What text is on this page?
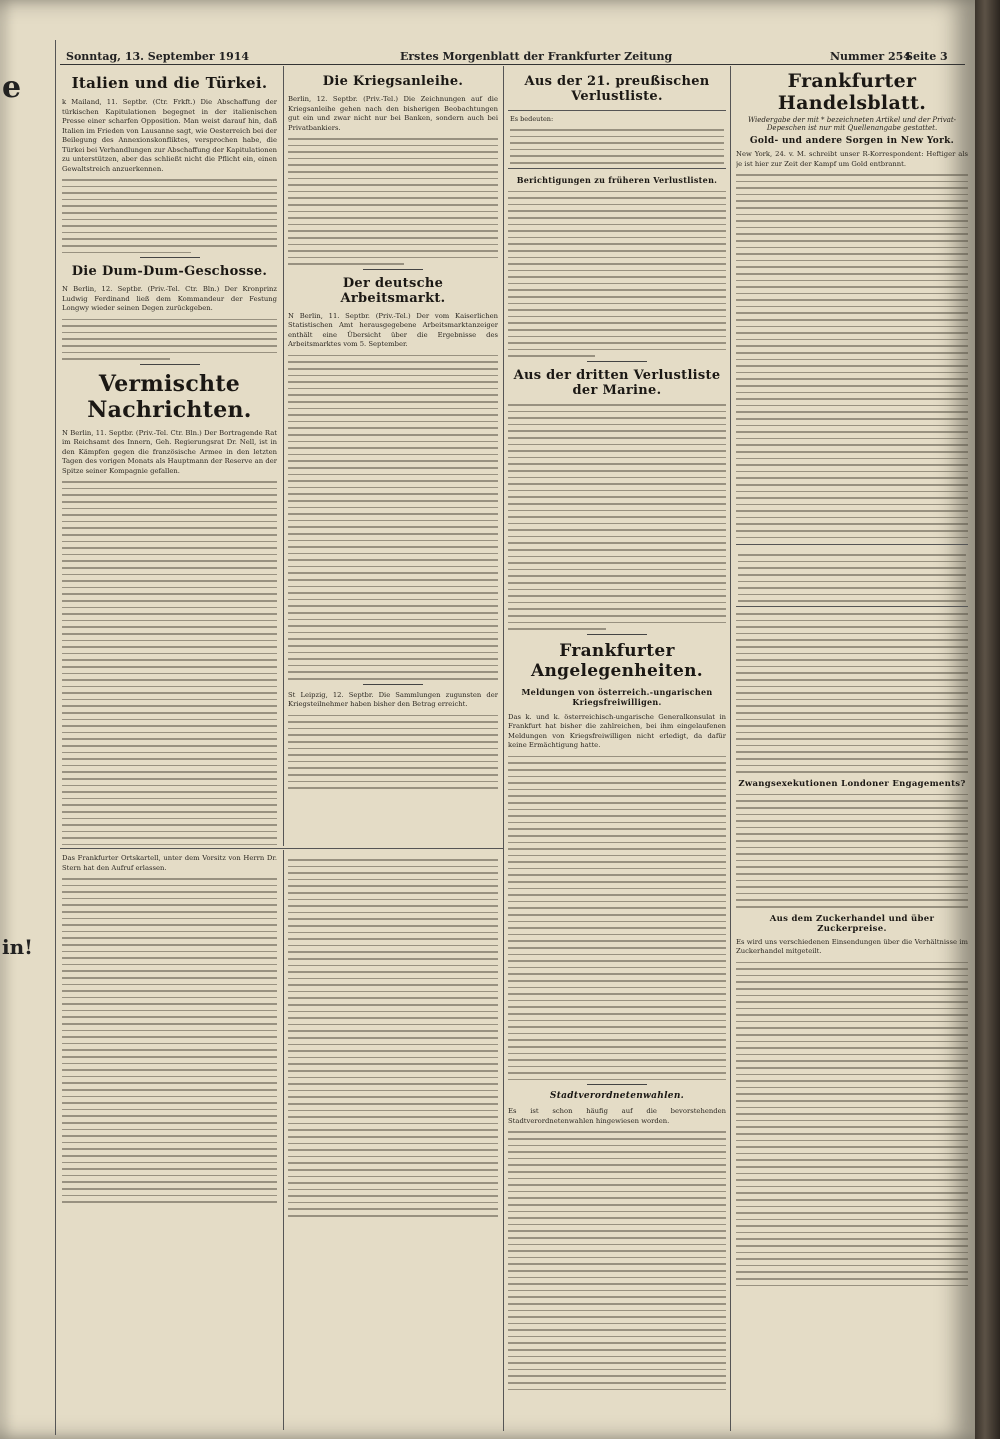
e
in!
Sonntag, 13. September 1914	Erstes Morgenblatt der Frankfurter Zeitung	Nummer 254
Seite 3
Italien und die Türkei.

k Mailand, 11. Septbr. (Ctr. Frkft.) Die Abschaffung der türkischen Kapitulationen begegnet in der italienischen Presse einer scharfen Opposition. Man weist darauf hin, daß Italien im Frieden von Lausanne sagt, wie Oesterreich bei der Beilegung des Annexionskonfliktes, versprochen habe, die Türkei bei Verhandlungen zur Abschaffung der Kapitulationen zu unterstützen, aber das schließt nicht die Pflicht ein, einen Gewaltstreich anzuerkennen.

Die Dum-Dum-Geschosse.

N Berlin, 12. Septbr. (Priv.-Tel. Ctr. Bln.) Der Kronprinz Ludwig Ferdinand ließ dem Kommandeur der Festung Longwy wieder seinen Degen zurückgeben.

Vermischte Nachrichten.

N Berlin, 11. Septbr. (Priv.-Tel. Ctr. Bln.) Der Bortragende Rat im Reichsamt des Innern, Geh. Regierungsrat Dr. Nell, ist in den Kämpfen gegen die französische Armee in den letzten Tagen des vorigen Monats als Hauptmann der Reserve an der Spitze seiner Kompagnie gefallen.

Die Kriegsanleihe.

Berlin, 12. Septbr. (Priv.-Tel.) Die Zeichnungen auf die Kriegsanleihe gehen nach den bisherigen Beobachtungen gut ein und zwar nicht nur bei Banken, sondern auch bei Privatbankiers.

Der deutsche Arbeitsmarkt.

N Berlin, 11. Septbr. (Priv.-Tel.) Der vom Kaiserlichen Statistischen Amt herausgegebene Arbeitsmarktanzeiger enthält eine Übersicht über die Ergebnisse des Arbeitsmarktes vom 5. September.

St Leipzig, 12. Septbr. Die Sammlungen zugunsten der Kriegsteilnehmer haben bisher den Betrag erreicht.

Aus der 21. preußischen Verlustliste.
Es bedeuten:
Berichtigungen zu früheren Verlustlisten.
Aus der dritten Verlustliste der Marine.
Frankfurter Angelegenheiten.
Meldungen von österreich.-ungarischen Kriegsfreiwilligen.

Das k. und k. österreichisch-ungarische Generalkonsulat in Frankfurt hat bisher die zahlreichen, bei ihm eingelaufenen Meldungen von Kriegsfreiwilligen nicht erledigt, da dafür keine Ermächtigung hatte.

Stadtverordnetenwahlen.

Es ist schon häufig auf die bevorstehenden Stadtverordnetenwahlen hingewiesen worden.

Frankfurter Handelsblatt.
Wiedergabe der mit * bezeichneten Artikel und der Privat-Depeschen ist nur mit Quellenangabe gestattet.
Gold- und andere Sorgen in New York.

New York, 24. v. M. schreibt unser R-Korrespondent: Heftiger als je ist hier zur Zeit der Kampf um Gold entbrannt.

Zwangsexekutionen Londoner Engagements?
Aus dem Zuckerhandel und über Zuckerpreise.

Es wird uns verschiedenen Einsendungen über die Verhältnisse im Zuckerhandel mitgeteilt.

Das Frankfurter Ortskartell, unter dem Vorsitz von Herrn Dr. Stern hat den Aufruf erlassen.
